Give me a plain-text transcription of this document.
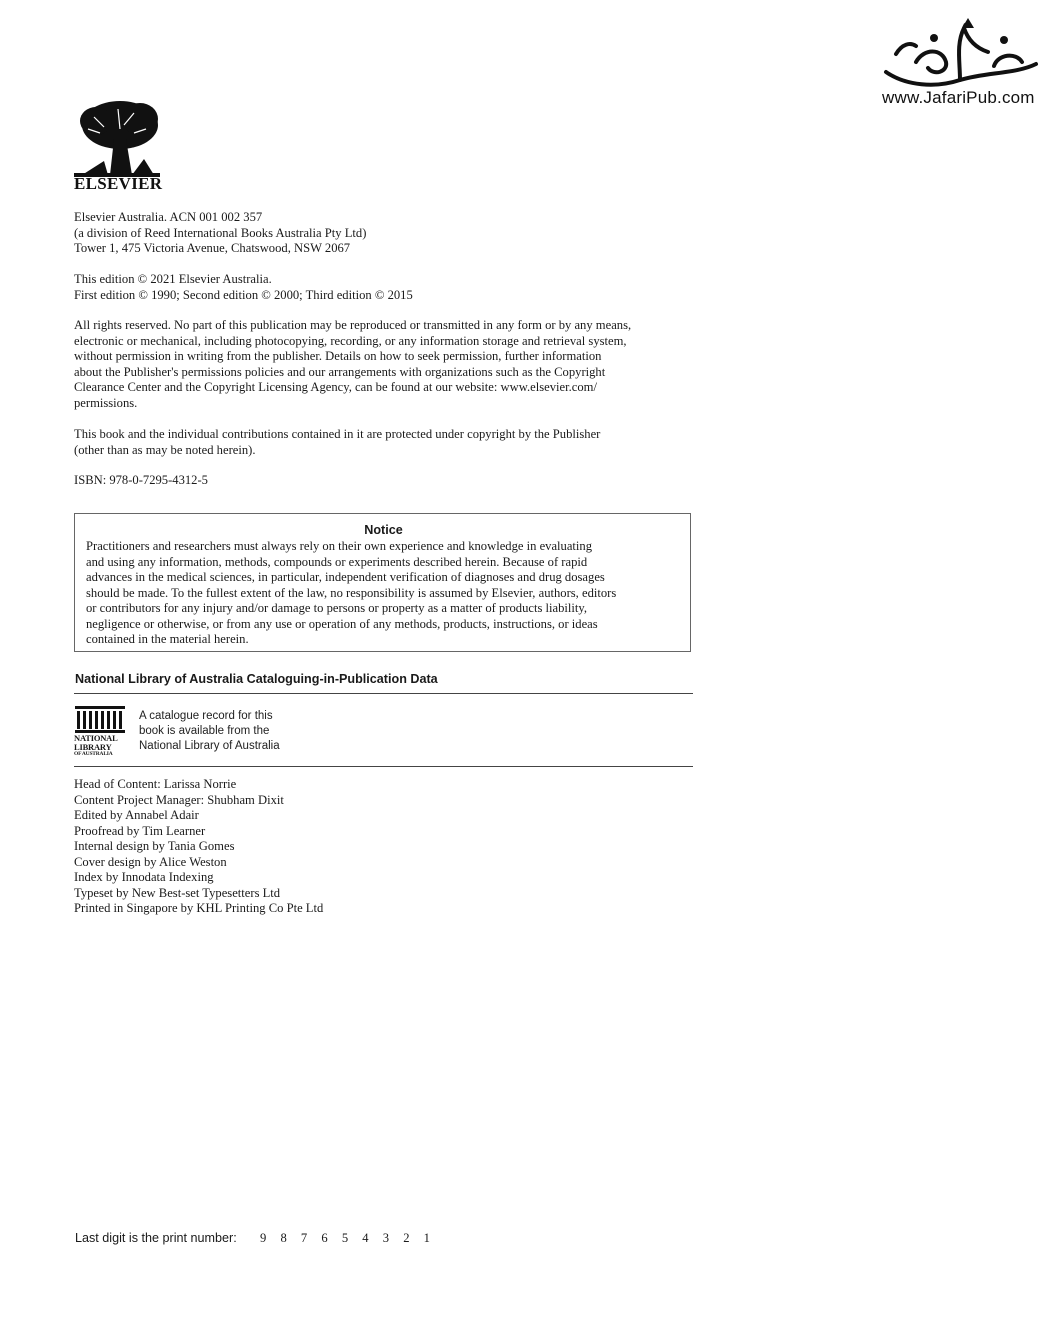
www.JafariPub.com
ELSEVIER
Elsevier Australia. ACN 001 002 357
(a division of Reed International Books Australia Pty Ltd)
Tower 1, 475 Victoria Avenue, Chatswood, NSW 2067
This edition © 2021 Elsevier Australia.
First edition © 1990; Second edition © 2000; Third edition © 2015
All rights reserved. No part of this publication may be reproduced or transmitted in any form or by any means,
electronic or mechanical, including photocopying, recording, or any information storage and retrieval system,
without permission in writing from the publisher. Details on how to seek permission, further information
about the Publisher's permissions policies and our arrangements with organizations such as the Copyright
Clearance Center and the Copyright Licensing Agency, can be found at our website: www.elsevier.com/
permissions.
This book and the individual contributions contained in it are protected under copyright by the Publisher
(other than as may be noted herein).
ISBN: 978-0-7295-4312-5
Notice
Practitioners and researchers must always rely on their own experience and knowledge in evaluating
and using any information, methods, compounds or experiments described herein. Because of rapid
advances in the medical sciences, in particular, independent verification of diagnoses and drug dosages
should be made. To the fullest extent of the law, no responsibility is assumed by Elsevier, authors, editors
or contributors for any injury and/or damage to persons or property as a matter of products liability,
negligence or otherwise, or from any use or operation of any methods, products, instructions, or ideas
contained in the material herein.
National Library of Australia Cataloguing-in-Publication Data
NATIONAL
LIBRARY
OF AUSTRALIA
A catalogue record for this
book is available from the
National Library of Australia
Head of Content: Larissa Norrie
Content Project Manager: Shubham Dixit
Edited by Annabel Adair
Proofread by Tim Learner
Internal design by Tania Gomes
Cover design by Alice Weston
Index by Innodata Indexing
Typeset by New Best-set Typesetters Ltd
Printed in Singapore by KHL Printing Co Pte Ltd
Last digit is the print number: 9 8 7 6 5 4 3 2 1
